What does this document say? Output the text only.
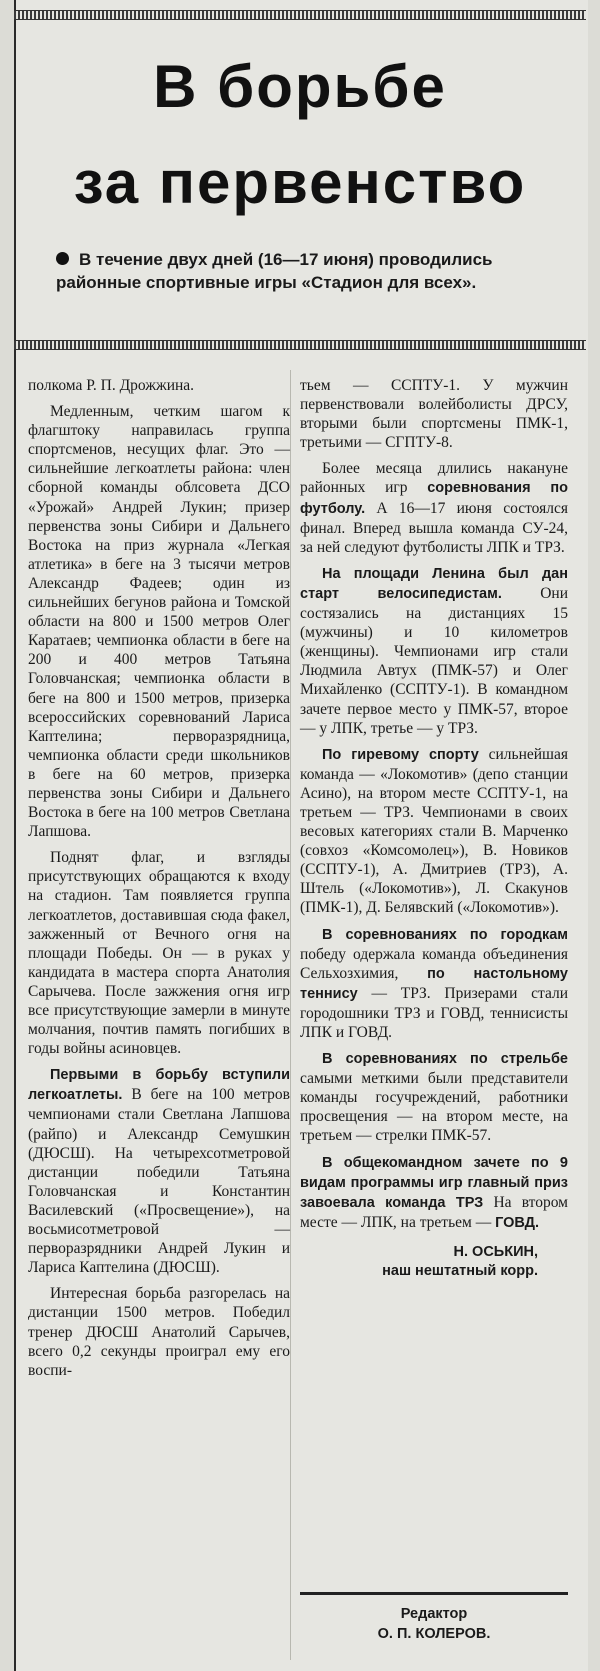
В борьбе
за первенство
В течение двух дней (16—17 июня) проводились районные спортивные игры «Стадион для всех».

полкома Р. П. Дрожжина.

Медленным, четким шагом к флагштоку направилась группа спортсменов, несущих флаг. Это — сильнейшие легкоатлеты района: член сборной команды облсовета ДСО «Урожай» Андрей Лукин; призер первенства зоны Сибири и Дальнего Востока на приз журнала «Легкая атлетика» в беге на 3 тысячи метров Александр Фадеев; один из сильнейших бегунов района и Томской области на 800 и 1500 метров Олег Каратаев; чемпионка области в беге на 200 и 400 метров Татьяна Головчанская; чемпионка области в беге на 800 и 1500 метров, призерка всероссийских соревнований Лариса Каптелина; перворазрядница, чемпионка области среди школьников в беге на 60 метров, призерка первенства зоны Сибири и Дальнего Востока в беге на 100 метров Светлана Лапшова.

Поднят флаг, и взгляды присутствующих обращаются к входу на стадион. Там появляется группа легкоатлетов, доставившая сюда факел, зажженный от Вечного огня на площади Победы. Он — в руках у кандидата в мастера спорта Анатолия Сарычева. После зажжения огня игр все присутствующие замерли в минуте молчания, почтив память погибших в годы войны асиновцев.

Первыми в борьбу вступили легкоатлеты. В беге на 100 метров чемпионами стали Светлана Лапшова (райпо) и Александр Семушкин (ДЮСШ). На четырехсотметровой дистанции победили Татьяна Головчанская и Константин Василевский («Просвещение»), на восьмисотметровой — перворазрядники Андрей Лукин и Лариса Каптелина (ДЮСШ).

Интересная борьба разгорелась на дистанции 1500 метров. Победил тренер ДЮСШ Анатолий Сарычев, всего 0,2 секунды проиграл ему его воспи-

тьем — ССПТУ-1. У мужчин первенствовали волейболисты ДРСУ, вторыми были спортсмены ПМК-1, третьими — СГПТУ-8.

Более месяца длились накануне районных игр соревнования по футболу. А 16—17 июня состоялся финал. Вперед вышла команда СУ-24, за ней следуют футболисты ЛПК и ТРЗ.

На площади Ленина был дан старт велосипедистам. Они состязались на дистанциях 15 (мужчины) и 10 километров (женщины). Чемпионами игр стали Людмила Автух (ПМК-57) и Олег Михайленко (ССПТУ-1). В командном зачете первое место у ПМК-57, второе — у ЛПК, третье — у ТРЗ.

По гиревому спорту сильнейшая команда — «Локомотив» (депо станции Асино), на втором месте ССПТУ-1, на третьем — ТРЗ. Чемпионами в своих весовых категориях стали В. Марченко (совхоз «Комсомолец»), В. Новиков (ССПТУ-1), А. Дмитриев (ТРЗ), А. Штель («Локомотив»), Л. Скакунов (ПМК-1), Д. Белявский («Локомотив»).

В соревнованиях по городкам победу одержала команда объединения Сельхозхимия, по настольному теннису — ТРЗ. Призерами стали городошники ТРЗ и ГОВД, теннисисты ЛПК и ГОВД.

В соревнованиях по стрельбе самыми меткими были представители команды госучреждений, работники просвещения — на втором месте, на третьем — стрелки ПМК-57.

В общекомандном зачете по 9 видам программы игр главный приз завоевала команда ТРЗ На втором месте — ЛПК, на третьем — ГОВД.

Н. ОСЬКИН,
наш нештатный корр.
Редактор
О. П. КОЛЕРОВ.
